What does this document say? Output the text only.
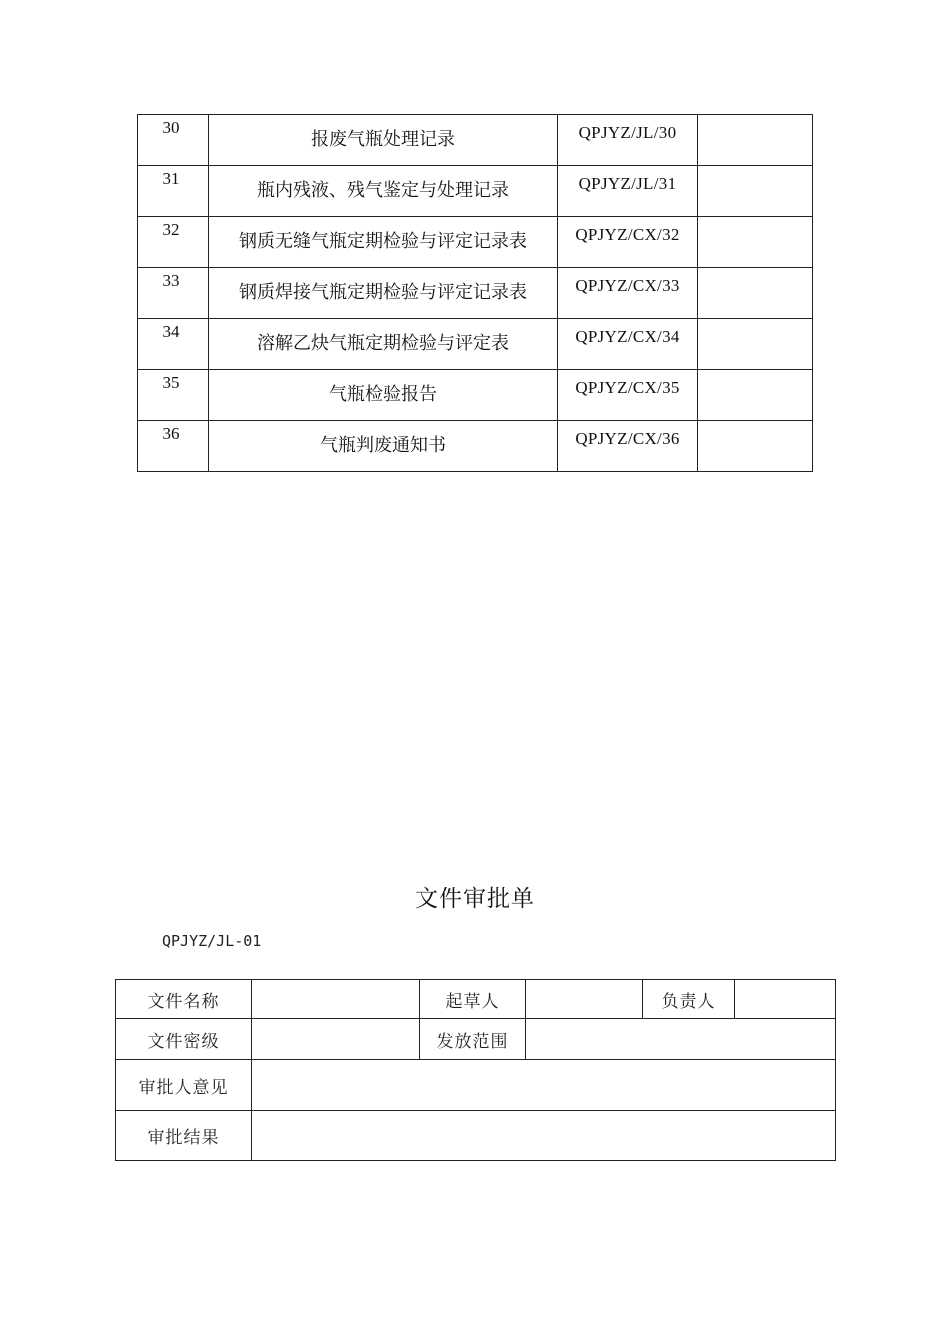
30	报废气瓶处理记录	QPJYZ/JL/30	
31	瓶内残液、残气鉴定与处理记录	QPJYZ/JL/31	
32	钢质无缝气瓶定期检验与评定记录表	QPJYZ/CX/32	
33	钢质焊接气瓶定期检验与评定记录表	QPJYZ/CX/33	
34	溶解乙炔气瓶定期检验与评定表	QPJYZ/CX/34	
35	气瓶检验报告	QPJYZ/CX/35	
36	气瓶判废通知书	QPJYZ/CX/36	
文件审批单
QPJYZ/JL-01
文件名称		起草人		负责人	
文件密级		发放范围			
审批人意见					
审批结果					
